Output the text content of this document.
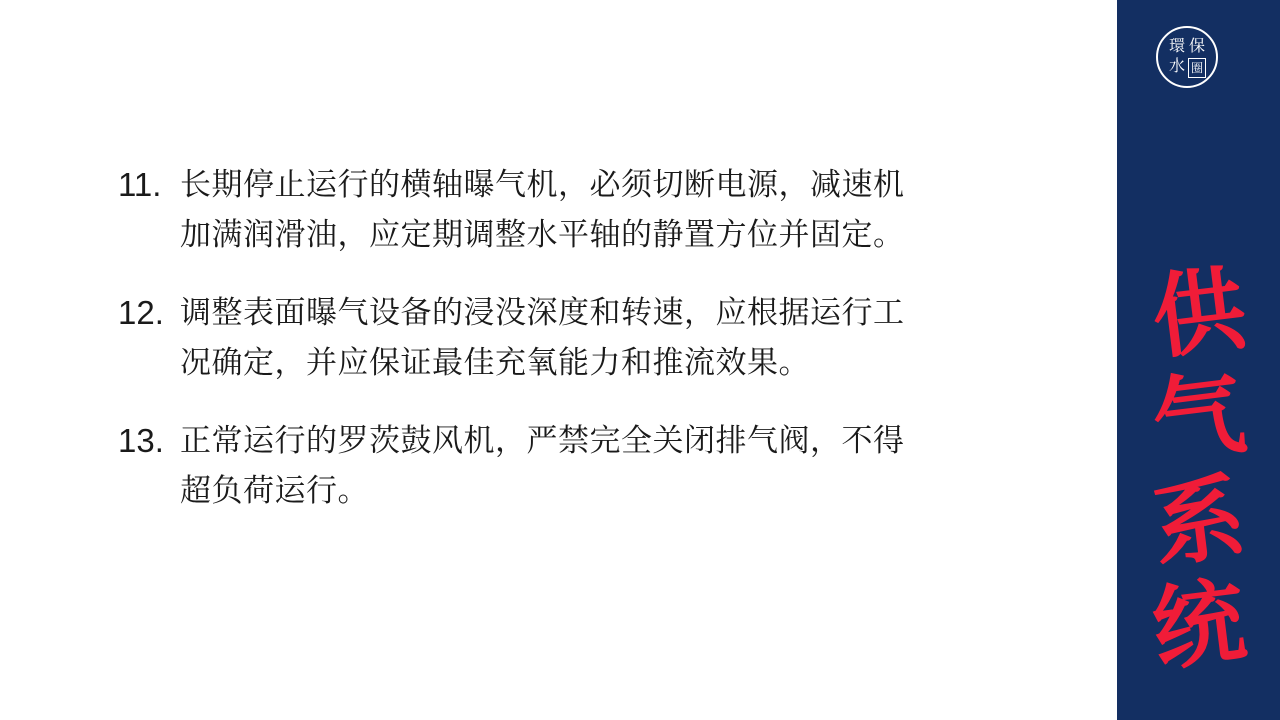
11. 长期停止运行的横轴曝气机，必须切断电源，减速机加满润滑油，应定期调整水平轴的静置方位并固定。
12. 调整表面曝气设备的浸没深度和转速，应根据运行工况确定，并应保证最佳充氧能力和推流效果。
13. 正常运行的罗茨鼓风机，严禁完全关闭排气阀，不得超负荷运行。
環 保
水 圈
供
气
系
统
